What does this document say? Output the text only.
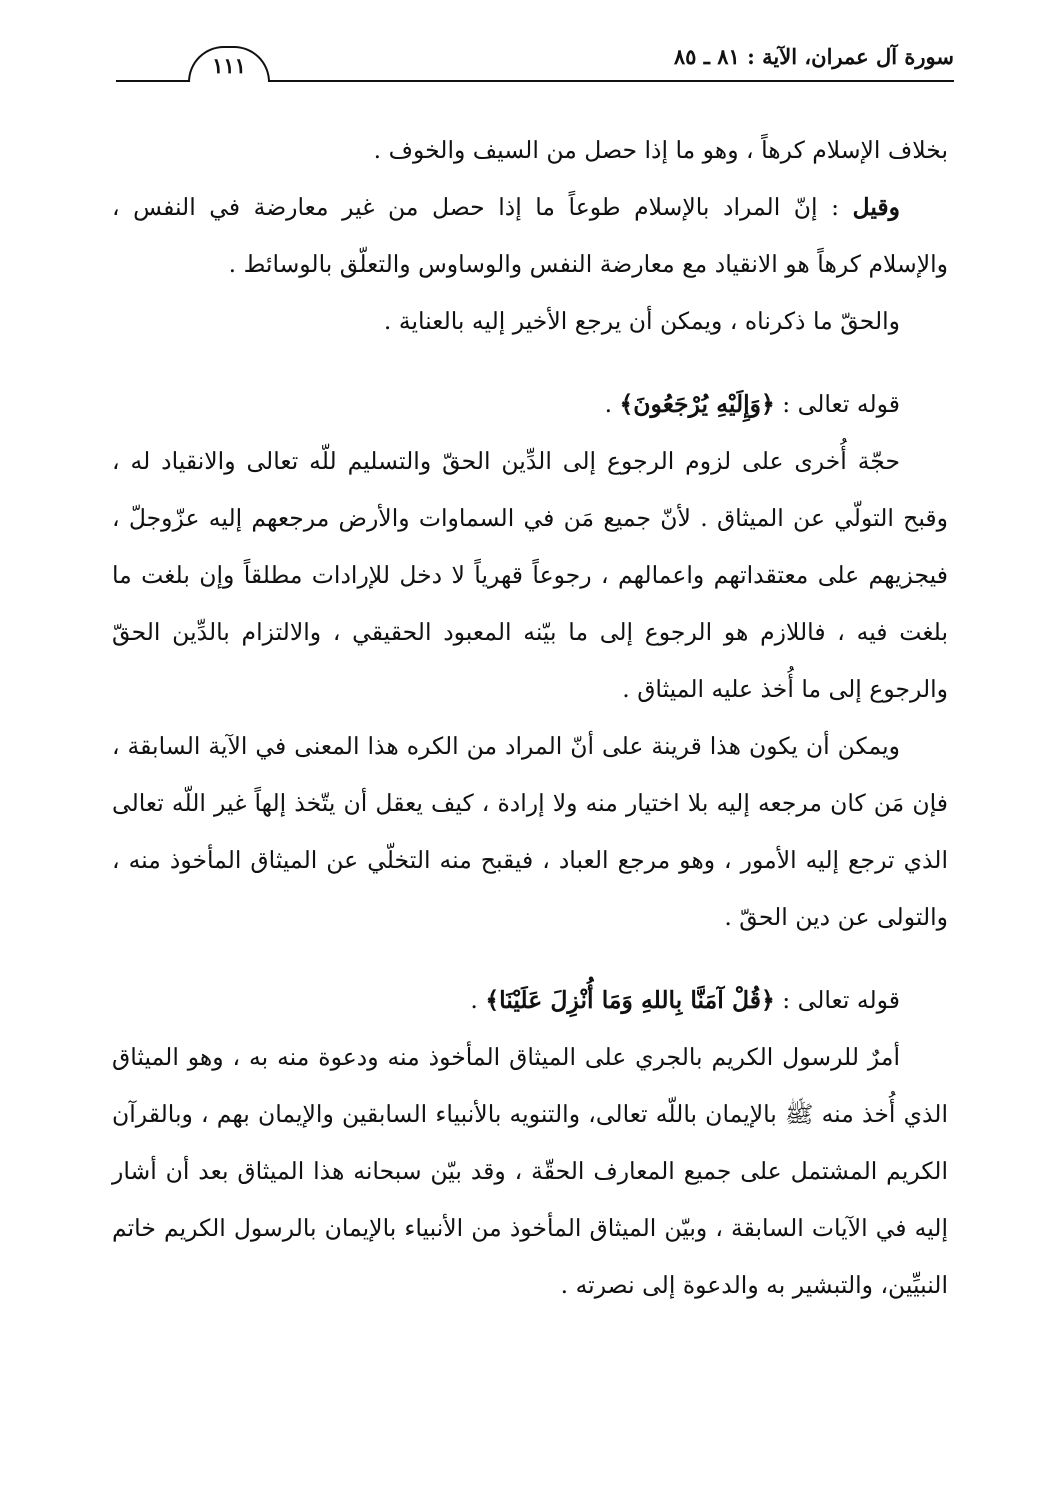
سورة آل عمران، الآية : ٨١ ـ ٨٥
١١١

بخلاف الإسلام كرهاً ، وهو ما إذا حصل من السيف والخوف .

وقيل : إنّ المراد بالإسلام طوعاً ما إذا حصل من غير معارضة في النفس ، والإسلام كرهاً هو الانقياد مع معارضة النفس والوساوس والتعلّق بالوسائط .

والحقّ ما ذكرناه ، ويمكن أن يرجع الأخير إليه بالعناية .

قوله تعالى : ﴿وَإِلَيْهِ يُرْجَعُونَ﴾ .

حجّة أُخرى على لزوم الرجوع إلى الدِّين الحقّ والتسليم للّه تعالى والانقياد له ، وقبح التولّي عن الميثاق . لأنّ جميع مَن في السماوات والأرض مرجعهم إليه عزّوجلّ ، فيجزيهم على معتقداتهم واعمالهم ، رجوعاً قهرياً لا دخل للإرادات مطلقاً وإن بلغت ما بلغت فيه ، فاللازم هو الرجوع إلى ما بيّنه المعبود الحقيقي ، والالتزام بالدِّين الحقّ والرجوع إلى ما أُخذ عليه الميثاق .

ويمكن أن يكون هذا قرينة على أنّ المراد من الكره هذا المعنى في الآية السابقة ، فإن مَن كان مرجعه إليه بلا اختيار منه ولا إرادة ، كيف يعقل أن يتّخذ إلهاً غير اللّه تعالى الذي ترجع إليه الأمور ، وهو مرجع العباد ، فيقبح منه التخلّي عن الميثاق المأخوذ منه ، والتولى عن دين الحقّ .

قوله تعالى : ﴿قُلْ آمَنَّا بِاللهِ وَمَا أُنْزِلَ عَلَيْنَا﴾ .

أمرٌ للرسول الكريم بالجري على الميثاق المأخوذ منه ودعوة منه به ، وهو الميثاق الذي أُخذ منه ﷺ بالإيمان باللّه تعالى، والتنويه بالأنبياء السابقين والإيمان بهم ، وبالقرآن الكريم المشتمل على جميع المعارف الحقّة ، وقد بيّن سبحانه هذا الميثاق بعد أن أشار إليه في الآيات السابقة ، وبيّن الميثاق المأخوذ من الأنبياء بالإيمان بالرسول الكريم خاتم النبيِّين، والتبشير به والدعوة إلى نصرته .
